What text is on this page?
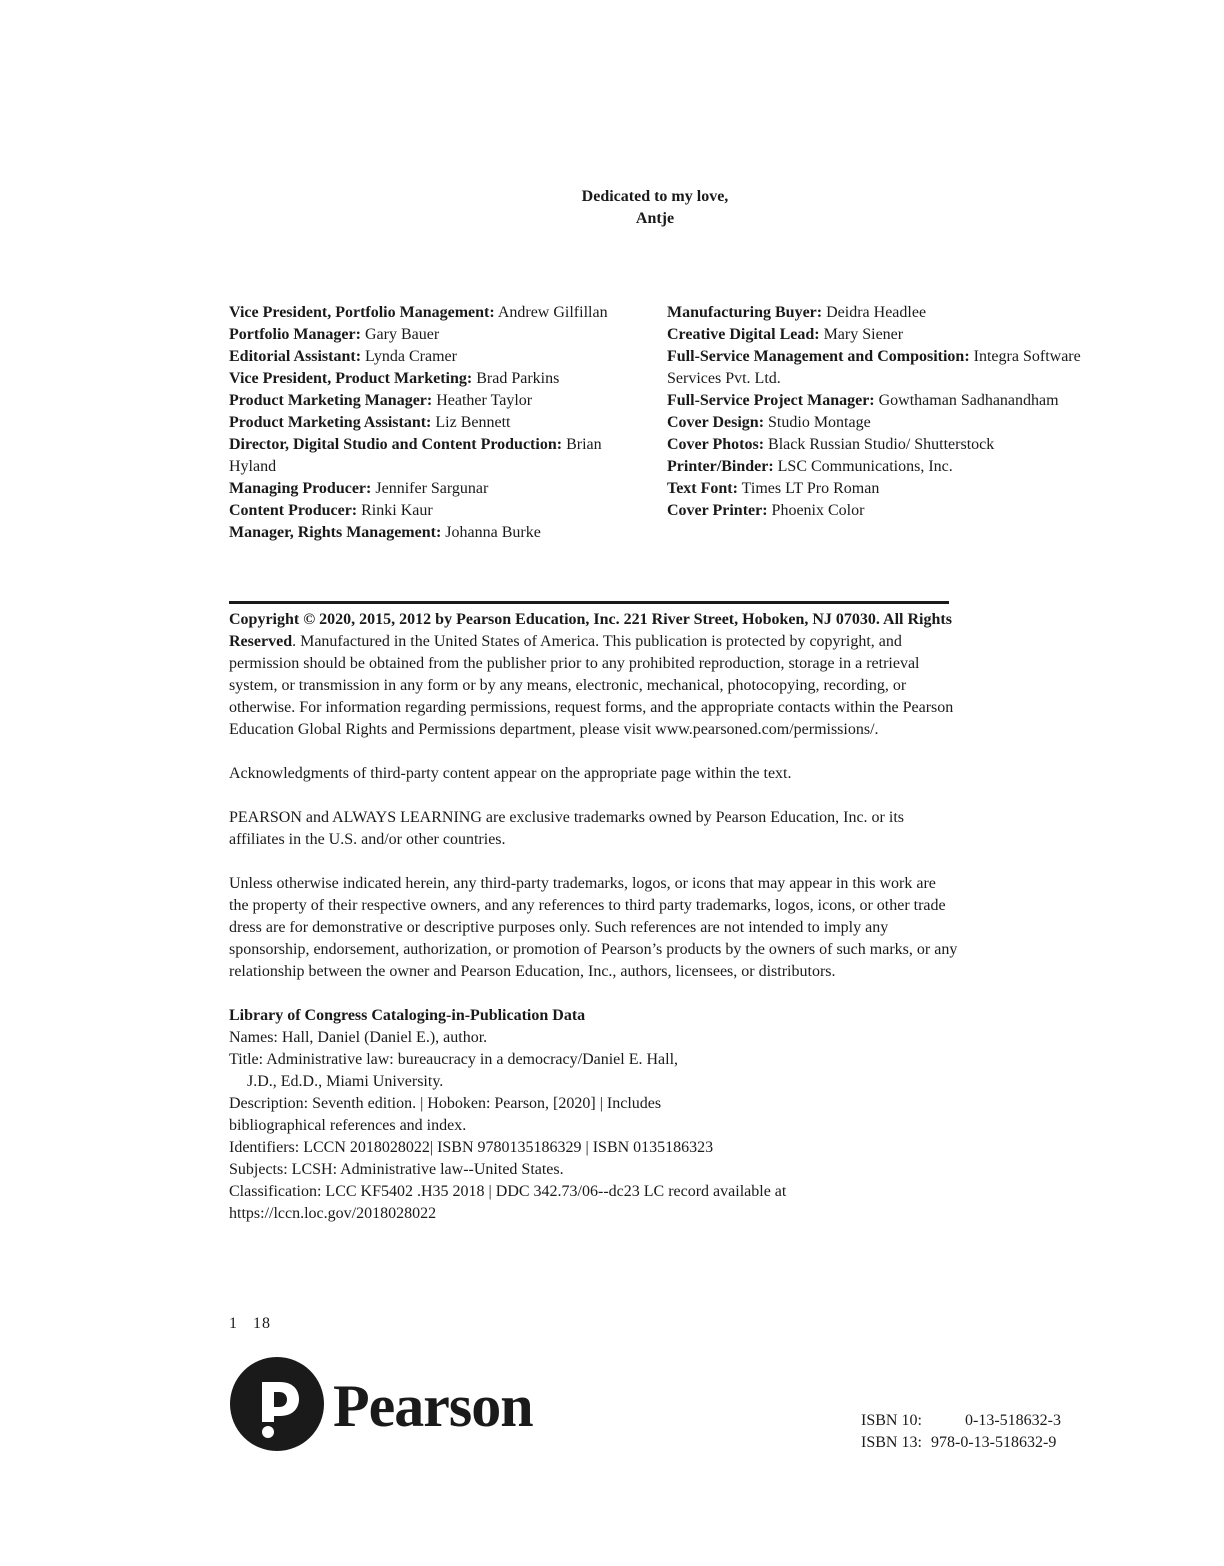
Dedicated to my love,
Antje
Vice President, Portfolio Management: Andrew Gilfillan
Portfolio Manager: Gary Bauer
Editorial Assistant: Lynda Cramer
Vice President, Product Marketing: Brad Parkins
Product Marketing Manager: Heather Taylor
Product Marketing Assistant: Liz Bennett
Director, Digital Studio and Content Production: Brian Hyland
Managing Producer: Jennifer Sargunar
Content Producer: Rinki Kaur
Manager, Rights Management: Johanna Burke
Manufacturing Buyer: Deidra Headlee
Creative Digital Lead: Mary Siener
Full-Service Management and Composition: Integra Software Services Pvt. Ltd.
Full-Service Project Manager: Gowthaman Sadhanandham
Cover Design: Studio Montage
Cover Photos: Black Russian Studio/ Shutterstock
Printer/Binder: LSC Communications, Inc.
Text Font: Times LT Pro Roman
Cover Printer: Phoenix Color

Copyright © 2020, 2015, 2012 by Pearson Education, Inc. 221 River Street, Hoboken, NJ 07030. All Rights Reserved. Manufactured in the United States of America. This publication is protected by copyright, and permission should be obtained from the publisher prior to any prohibited reproduction, storage in a retrieval system, or transmission in any form or by any means, electronic, mechanical, photocopying, recording, or otherwise. For information regarding permissions, request forms, and the appropriate contacts within the Pearson Education Global Rights and Permissions department, please visit www.pearsoned.com/permissions/.

Acknowledgments of third-party content appear on the appropriate page within the text.

PEARSON and ALWAYS LEARNING are exclusive trademarks owned by Pearson Education, Inc. or its affiliates in the U.S. and/or other countries.

Unless otherwise indicated herein, any third-party trademarks, logos, or icons that may appear in this work are the property of their respective owners, and any references to third party trademarks, logos, icons, or other trade dress are for demonstrative or descriptive purposes only. Such references are not intended to imply any sponsorship, endorsement, authorization, or promotion of Pearson’s products by the owners of such marks, or any relationship between the owner and Pearson Education, Inc., authors, licensees, or distributors.

Library of Congress Cataloging-in-Publication Data
Names: Hall, Daniel (Daniel E.), author.
Title: Administrative law: bureaucracy in a democracy/Daniel E. Hall,
J.D., Ed.D., Miami University.
Description: Seventh edition. | Hoboken: Pearson, [2020] | Includes
bibliographical references and index.
Identifiers: LCCN 2018028022| ISBN 9780135186329 | ISBN 0135186323
Subjects: LCSH: Administrative law--United States.
Classification: LCC KF5402 .H35 2018 | DDC 342.73/06--dc23 LC record available at
https://lccn.loc.gov/2018028022
1   18
Pearson	ISBN 10:	0-13-518632-3
ISBN 13: 978-0-13-518632-9
